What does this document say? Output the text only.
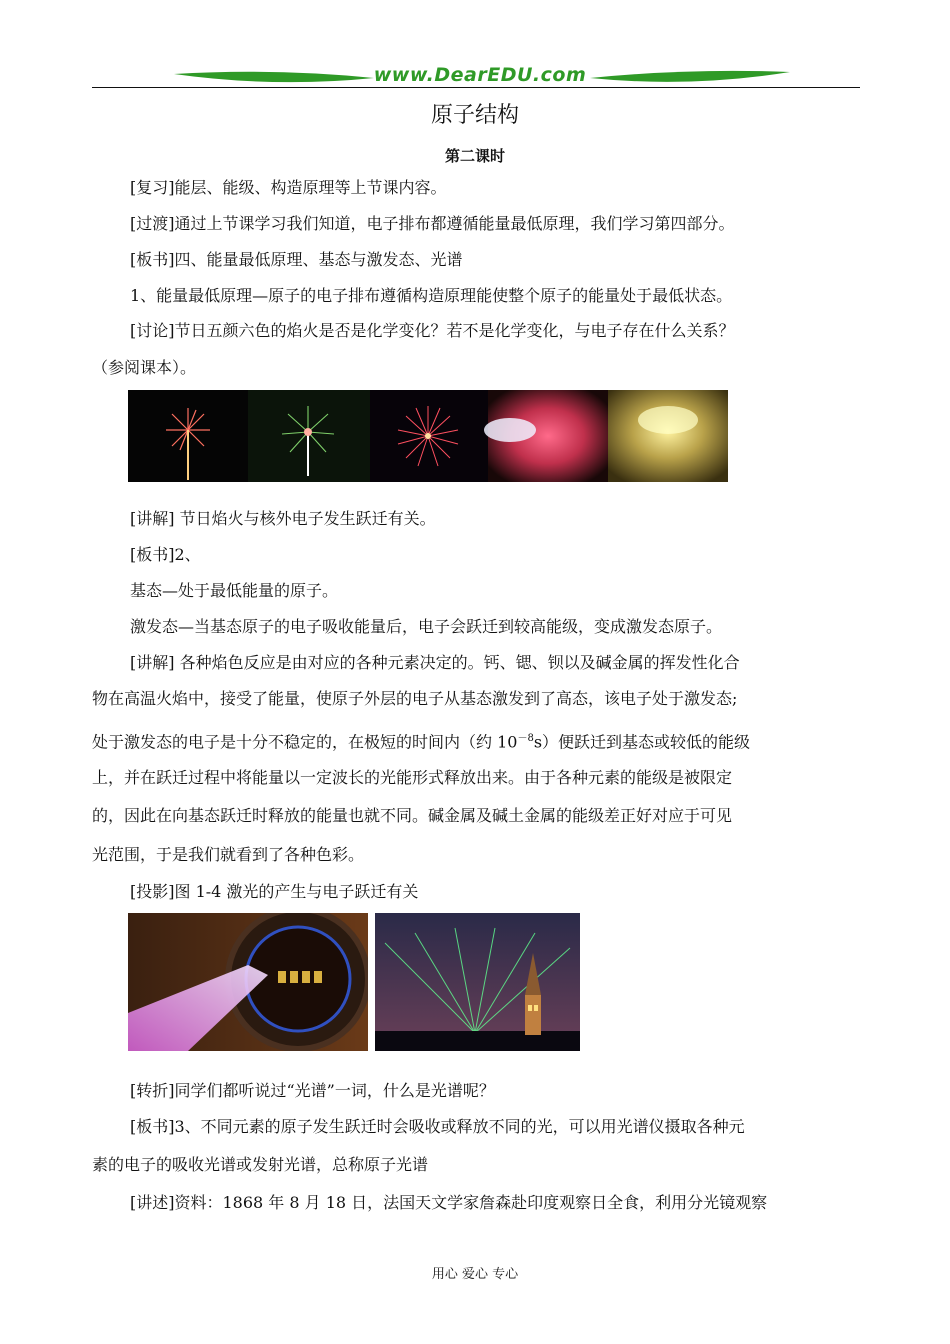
www.DearEDU.com
原子结构
第二课时
[复习]能层、能级、构造原理等上节课内容。
[过渡]通过上节课学习我们知道，电子排布都遵循能量最低原理，我们学习第四部分。
[板书]四、能量最低原理、基态与激发态、光谱
1、能量最低原理—原子的电子排布遵循构造原理能使整个原子的能量处于最低状态。
[讨论]节日五颜六色的焰火是否是化学变化？若不是化学变化，与电子存在什么关系？
（参阅课本）。
[讲解] 节日焰火与核外电子发生跃迁有关。
[板书]2、
基态—处于最低能量的原子。
激发态—当基态原子的电子吸收能量后，电子会跃迁到较高能级，变成激发态原子。
[讲解] 各种焰色反应是由对应的各种元素决定的。钙、锶、钡以及碱金属的挥发性化合
物在高温火焰中，接受了能量，使原子外层的电子从基态激发到了高态，该电子处于激发态;
处于激发态的电子是十分不稳定的，在极短的时间内（约 $10^{-8}s$）便跃迁到基态或较低的能级
上，并在跃迁过程中将能量以一定波长的光能形式释放出来。由于各种元素的能级是被限定
的，因此在向基态跃迁时释放的能量也就不同。碱金属及碱土金属的能级差正好对应于可见
光范围，于是我们就看到了各种色彩。
[投影]图 1-4 激光的产生与电子跃迁有关
[转折]同学们都听说过“光谱”一词，什么是光谱呢？
[板书]3、不同元素的原子发生跃迁时会吸收或释放不同的光，可以用光谱仪摄取各种元
素的电子的吸收光谱或发射光谱，总称原子光谱
[讲述]资料：1868 年 8 月 18 日，法国天文学家詹森赴印度观察日全食，利用分光镜观察
用心 爱心 专心
